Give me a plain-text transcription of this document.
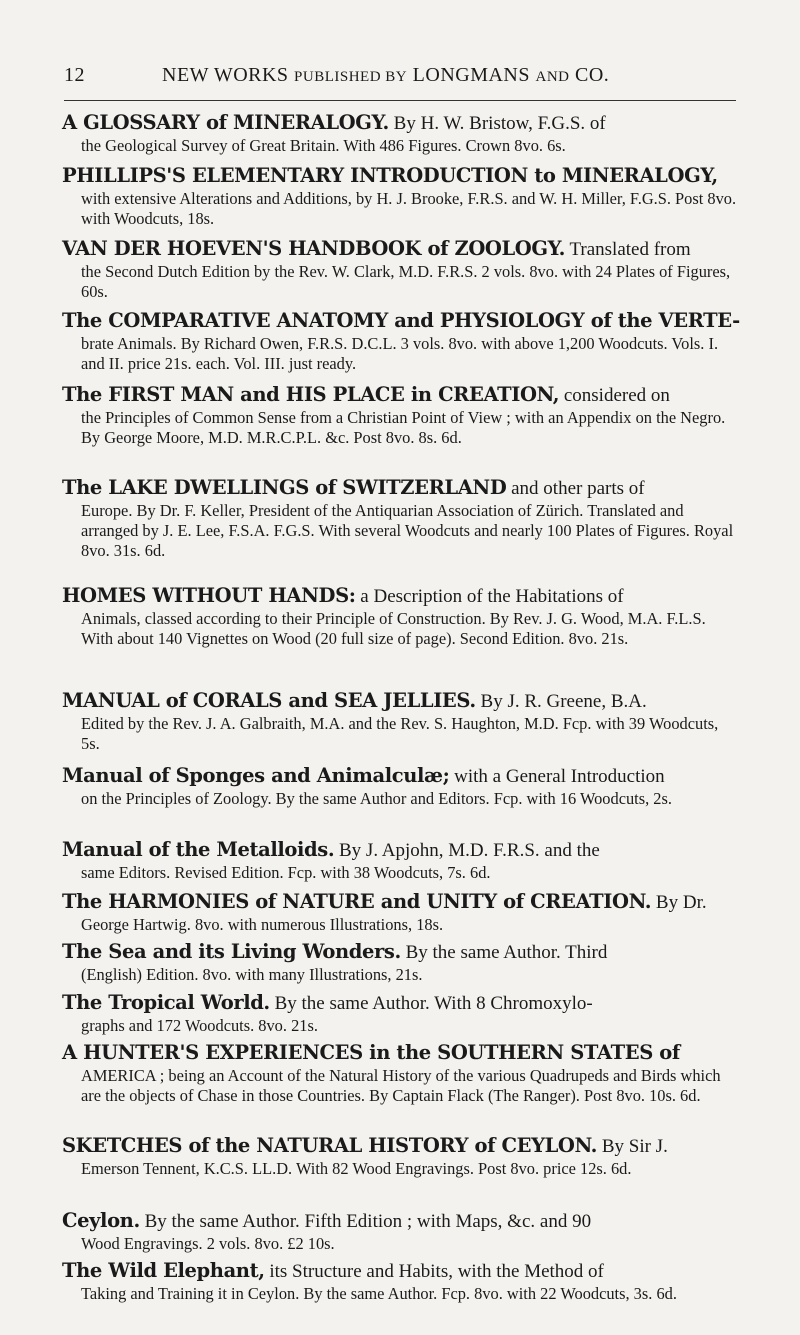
12	NEW WORKS PUBLISHED BY LONGMANS AND CO.
A GLOSSARY of MINERALOGY. By H. W. Bristow, F.G.S. of
the Geological Survey of Great Britain. With 486 Figures. Crown 8vo. 6s.
PHILLIPS'S ELEMENTARY INTRODUCTION to MINERALOGY,
with extensive Alterations and Additions, by H. J. Brooke, F.R.S. and W. H. Miller, F.G.S. Post 8vo. with Woodcuts, 18s.
VAN DER HOEVEN'S HANDBOOK of ZOOLOGY. Translated from
the Second Dutch Edition by the Rev. W. Clark, M.D. F.R.S. 2 vols. 8vo. with 24 Plates of Figures, 60s.
The COMPARATIVE ANATOMY and PHYSIOLOGY of the VERTE-
brate Animals. By Richard Owen, F.R.S. D.C.L. 3 vols. 8vo. with above 1,200 Woodcuts. Vols. I. and II. price 21s. each. Vol. III. just ready.
The FIRST MAN and HIS PLACE in CREATION, considered on
the Principles of Common Sense from a Christian Point of View ; with an Appendix on the Negro. By George Moore, M.D. M.R.C.P.L. &c. Post 8vo. 8s. 6d.
The LAKE DWELLINGS of SWITZERLAND and other parts of
Europe. By Dr. F. Keller, President of the Antiquarian Association of Zürich. Translated and arranged by J. E. Lee, F.S.A. F.G.S. With several Woodcuts and nearly 100 Plates of Figures. Royal 8vo. 31s. 6d.
HOMES WITHOUT HANDS: a Description of the Habitations of
Animals, classed according to their Principle of Construction. By Rev. J. G. Wood, M.A. F.L.S. With about 140 Vignettes on Wood (20 full size of page). Second Edition. 8vo. 21s.
MANUAL of CORALS and SEA JELLIES. By J. R. Greene, B.A.
Edited by the Rev. J. A. Galbraith, M.A. and the Rev. S. Haughton, M.D. Fcp. with 39 Woodcuts, 5s.
Manual of Sponges and Animalculæ; with a General Introduction
on the Principles of Zoology. By the same Author and Editors. Fcp. with 16 Woodcuts, 2s.
Manual of the Metalloids. By J. Apjohn, M.D. F.R.S. and the
same Editors. Revised Edition. Fcp. with 38 Woodcuts, 7s. 6d.
The HARMONIES of NATURE and UNITY of CREATION. By Dr.
George Hartwig. 8vo. with numerous Illustrations, 18s.
The Sea and its Living Wonders. By the same Author. Third
(English) Edition. 8vo. with many Illustrations, 21s.
The Tropical World. By the same Author. With 8 Chromoxylo-
graphs and 172 Woodcuts. 8vo. 21s.
A HUNTER'S EXPERIENCES in the SOUTHERN STATES of
AMERICA ; being an Account of the Natural History of the various Quadrupeds and Birds which are the objects of Chase in those Countries. By Captain Flack (The Ranger). Post 8vo. 10s. 6d.
SKETCHES of the NATURAL HISTORY of CEYLON. By Sir J.
Emerson Tennent, K.C.S. LL.D. With 82 Wood Engravings. Post 8vo. price 12s. 6d.
Ceylon. By the same Author. Fifth Edition ; with Maps, &c. and 90
Wood Engravings. 2 vols. 8vo. £2 10s.
The Wild Elephant, its Structure and Habits, with the Method of
Taking and Training it in Ceylon. By the same Author. Fcp. 8vo. with 22 Woodcuts, 3s. 6d.
